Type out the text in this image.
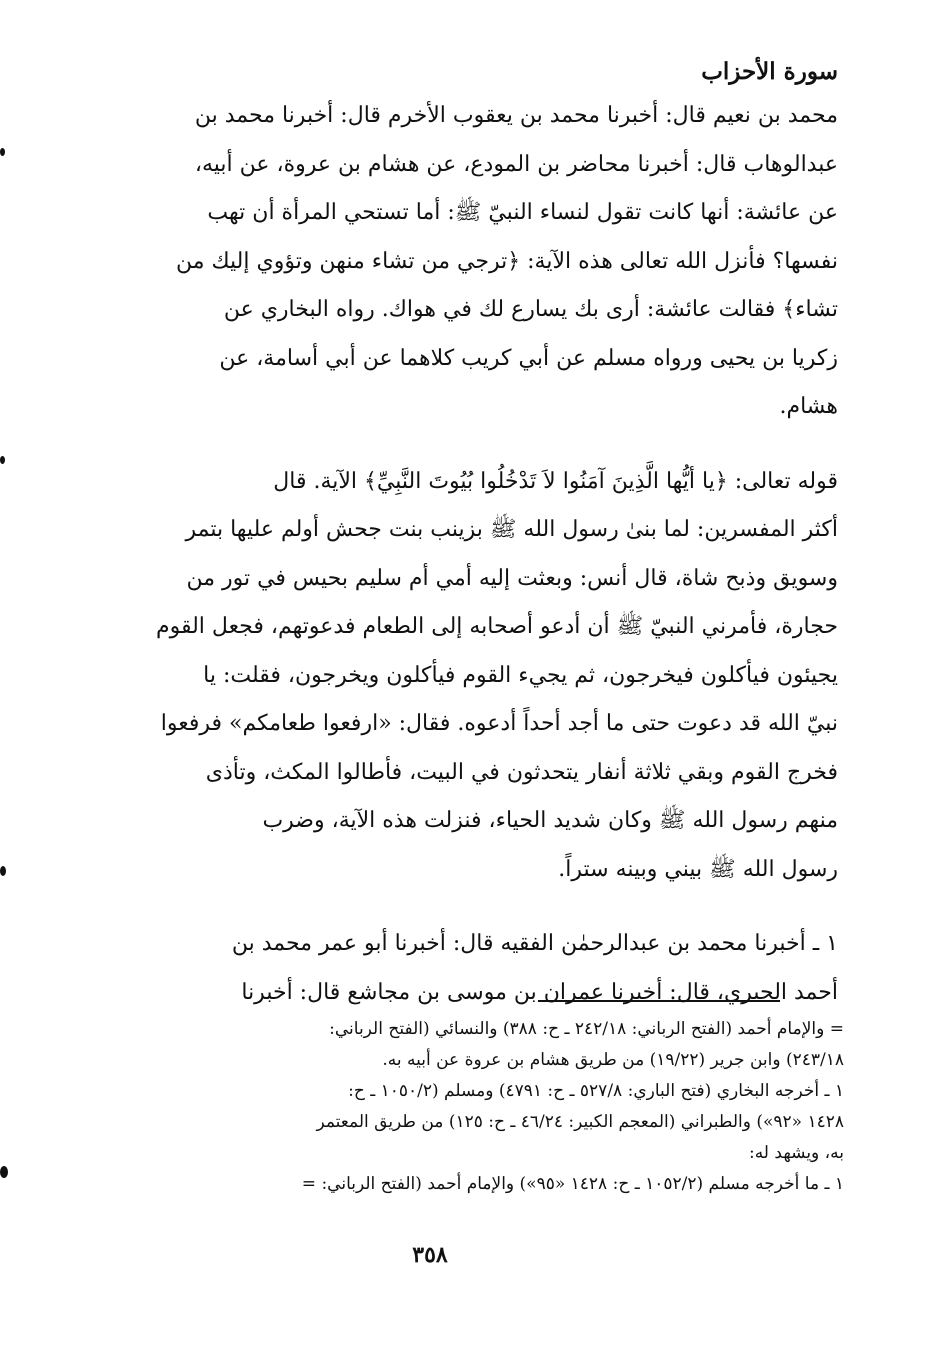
سورة الأحزاب

محمد بن نعيم قال: أخبرنا محمد بن يعقوب الأخرم قال: أخبرنا محمد بن
عبدالوهاب قال: أخبرنا محاضر بن المودع، عن هشام بن عروة، عن أبيه،
عن عائشة: أنها كانت تقول لنساء النبيّ ﷺ: أما تستحي المرأة أن تهب
نفسها؟ فأنزل الله تعالى هذه الآية: ﴿ترجي من تشاء منهن وتؤوي إليك من
تشاء﴾ فقالت عائشة: أرى بك يسارع لك في هواك. رواه البخاري عن
زكريا بن يحيى ورواه مسلم عن أبي كريب كلاهما عن أبي أسامة، عن
هشام.

قوله تعالى: ﴿يا أيُّها الَّذِينَ آمَنُوا لاَ تَدْخُلُوا بُيُوتَ النَّبِيِّ﴾ الآية. قال
أكثر المفسرين: لما بنىٰ رسول الله ﷺ بزينب بنت جحش أولم عليها بتمر
وسويق وذبح شاة، قال أنس: وبعثت إليه أمي أم سليم بحيس في تور من
حجارة، فأمرني النبيّ ﷺ أن أدعو أصحابه إلى الطعام فدعوتهم، فجعل القوم
يجيئون فيأكلون فيخرجون، ثم يجيء القوم فيأكلون ويخرجون، فقلت: يا
نبيّ الله قد دعوت حتى ما أجد أحداً أدعوه. فقال: «ارفعوا طعامكم» فرفعوا
فخرج القوم وبقي ثلاثة أنفار يتحدثون في البيت، فأطالوا المكث، وتأذى
منهم رسول الله ﷺ وكان شديد الحياء، فنزلت هذه الآية، وضرب
رسول الله ﷺ بيني وبينه ستراً.

١ ـ أخبرنا محمد بن عبدالرحمٰن الفقيه قال: أخبرنا أبو عمر محمد بن
أحمد الحيري، قال: أخبرنا عمران بن موسى بن مجاشع قال: أخبرنا

= والإمام أحمد (الفتح الرباني: ٢٤٢/١٨ ـ ح: ٣٨٨) والنسائي (الفتح الرباني:
٢٤٣/١٨) وابن جرير (١٩/٢٢) من طريق هشام بن عروة عن أبيه به.
١ ـ أخرجه البخاري (فتح الباري: ٥٢٧/٨ ـ ح: ٤٧٩١) ومسلم (١٠٥٠/٢ ـ ح:
١٤٢٨ «٩٢») والطبراني (المعجم الكبير: ٤٦/٢٤ ـ ح: ١٢٥) من طريق المعتمر
به، ويشهد له:
١ ـ ما أخرجه مسلم (١٠٥٢/٢ ـ ح: ١٤٢٨ «٩٥») والإمام أحمد (الفتح الرباني: =
٣٥٨
